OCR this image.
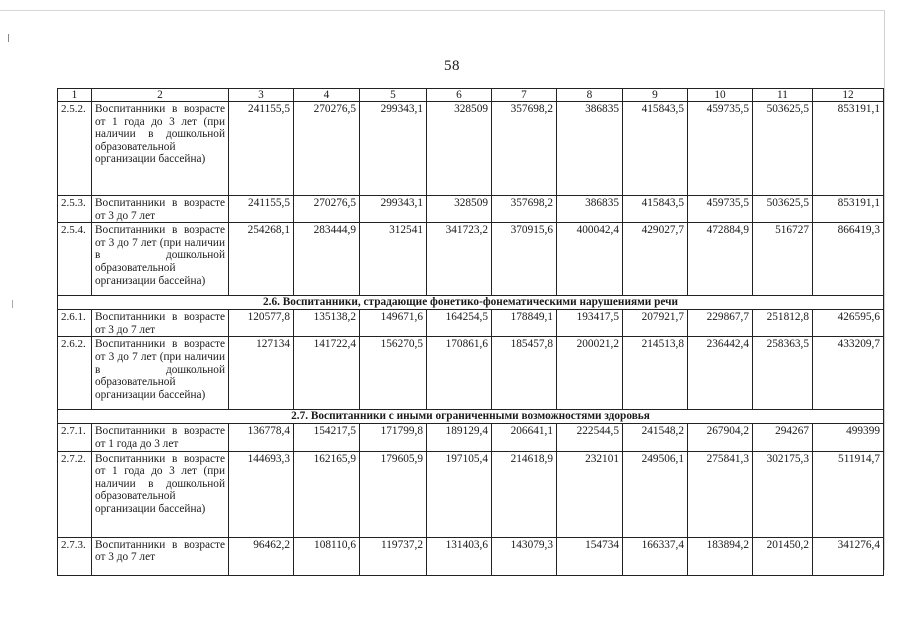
58
1	2	3	4	5	6	7	8	9	10	11	12
2.5.2.	Воспитанники в возрасте от 1 года до 3 лет (при наличии в дошкольной образовательной организации бассейна)	241155,5	270276,5	299343,1	328509	357698,2	386835	415843,5	459735,5	503625,5	853191,1
2.5.3.	Воспитанники в возрасте от 3 до 7 лет	241155,5	270276,5	299343,1	328509	357698,2	386835	415843,5	459735,5	503625,5	853191,1
2.5.4.	Воспитанники в возрасте от 3 до 7 лет (при наличии в дошкольной образовательной организации бассейна)	254268,1	283444,9	312541	341723,2	370915,6	400042,4	429027,7	472884,9	516727	866419,3
2.6. Воспитанники, страдающие фонетико-фонематическими нарушениями речи											
2.6.1.	Воспитанники в возрасте от 3 до 7 лет	120577,8	135138,2	149671,6	164254,5	178849,1	193417,5	207921,7	229867,7	251812,8	426595,6
2.6.2.	Воспитанники в возрасте от 3 до 7 лет (при наличии в дошкольной образовательной организации бассейна)	127134	141722,4	156270,5	170861,6	185457,8	200021,2	214513,8	236442,4	258363,5	433209,7
2.7. Воспитанники с иными ограниченными возможностями здоровья											
2.7.1.	Воспитанники в возрасте от 1 года до 3 лет	136778,4	154217,5	171799,8	189129,4	206641,1	222544,5	241548,2	267904,2	294267	499399
2.7.2.	Воспитанники в возрасте от 1 года до 3 лет (при наличии в дошкольной образовательной организации бассейна)	144693,3	162165,9	179605,9	197105,4	214618,9	232101	249506,1	275841,3	302175,3	511914,7
2.7.3.	Воспитанники в возрасте от 3 до 7 лет	96462,2	108110,6	119737,2	131403,6	143079,3	154734	166337,4	183894,2	201450,2	341276,4
